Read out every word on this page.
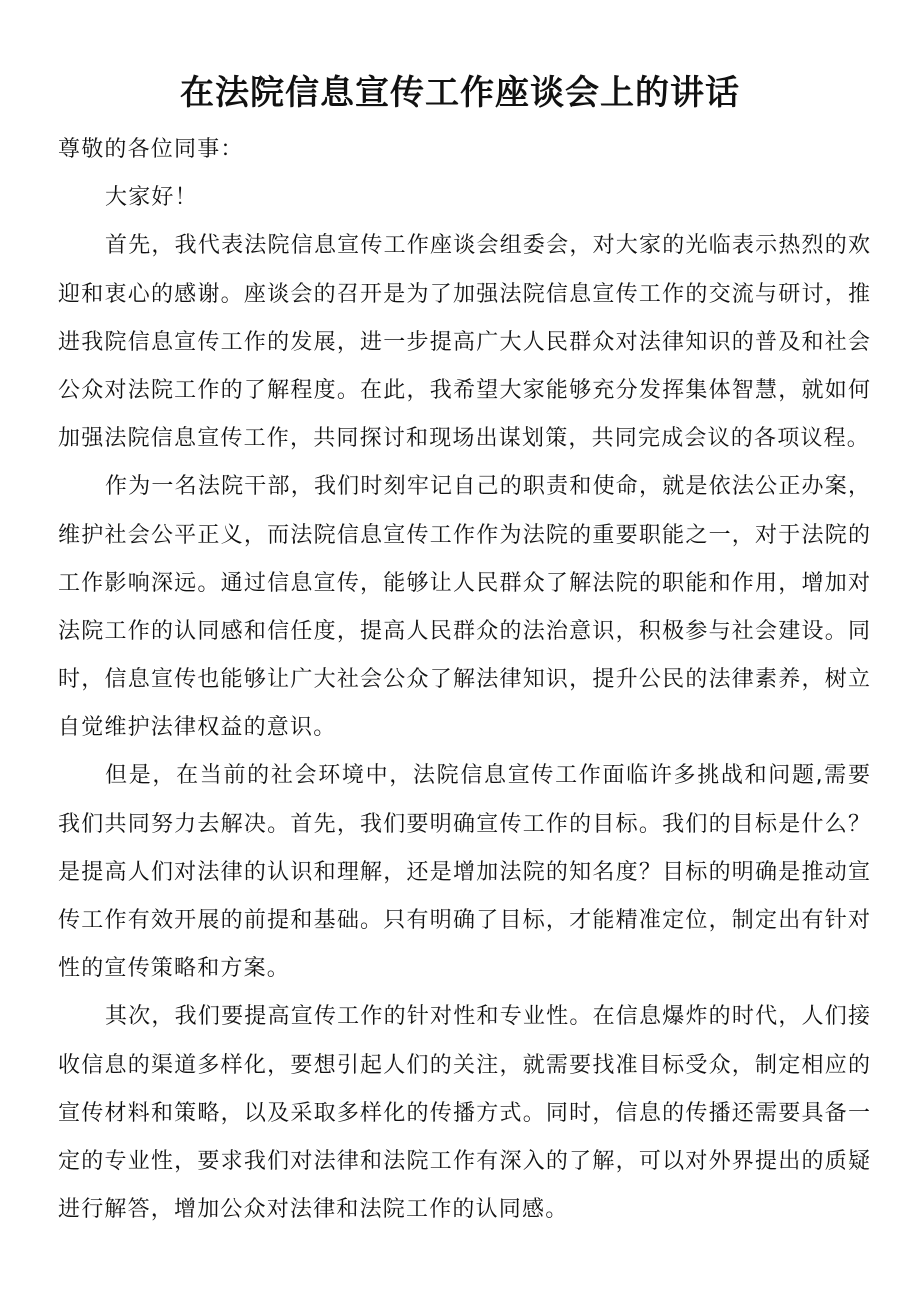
在法院信息宣传工作座谈会上的讲话
尊敬的各位同事：
大家好！
首先，我代表法院信息宣传工作座谈会组委会，对大家的光临表示热烈的欢
迎和衷心的感谢。座谈会的召开是为了加强法院信息宣传工作的交流与研讨，推
进我院信息宣传工作的发展，进一步提高广大人民群众对法律知识的普及和社会
公众对法院工作的了解程度。在此，我希望大家能够充分发挥集体智慧，就如何
加强法院信息宣传工作，共同探讨和现场出谋划策，共同完成会议的各项议程。
作为一名法院干部，我们时刻牢记自己的职责和使命，就是依法公正办案，
维护社会公平正义，而法院信息宣传工作作为法院的重要职能之一，对于法院的
工作影响深远。通过信息宣传，能够让人民群众了解法院的职能和作用，增加对
法院工作的认同感和信任度，提高人民群众的法治意识，积极参与社会建设。同
时，信息宣传也能够让广大社会公众了解法律知识，提升公民的法律素养，树立
自觉维护法律权益的意识。
但是，在当前的社会环境中，法院信息宣传工作面临许多挑战和问题,需要
我们共同努力去解决。首先，我们要明确宣传工作的目标。我们的目标是什么？
是提高人们对法律的认识和理解，还是增加法院的知名度？目标的明确是推动宣
传工作有效开展的前提和基础。只有明确了目标，才能精准定位，制定出有针对
性的宣传策略和方案。
其次，我们要提高宣传工作的针对性和专业性。在信息爆炸的时代，人们接
收信息的渠道多样化，要想引起人们的关注，就需要找准目标受众，制定相应的
宣传材料和策略，以及采取多样化的传播方式。同时，信息的传播还需要具备一
定的专业性，要求我们对法律和法院工作有深入的了解，可以对外界提出的质疑
进行解答，增加公众对法律和法院工作的认同感。
